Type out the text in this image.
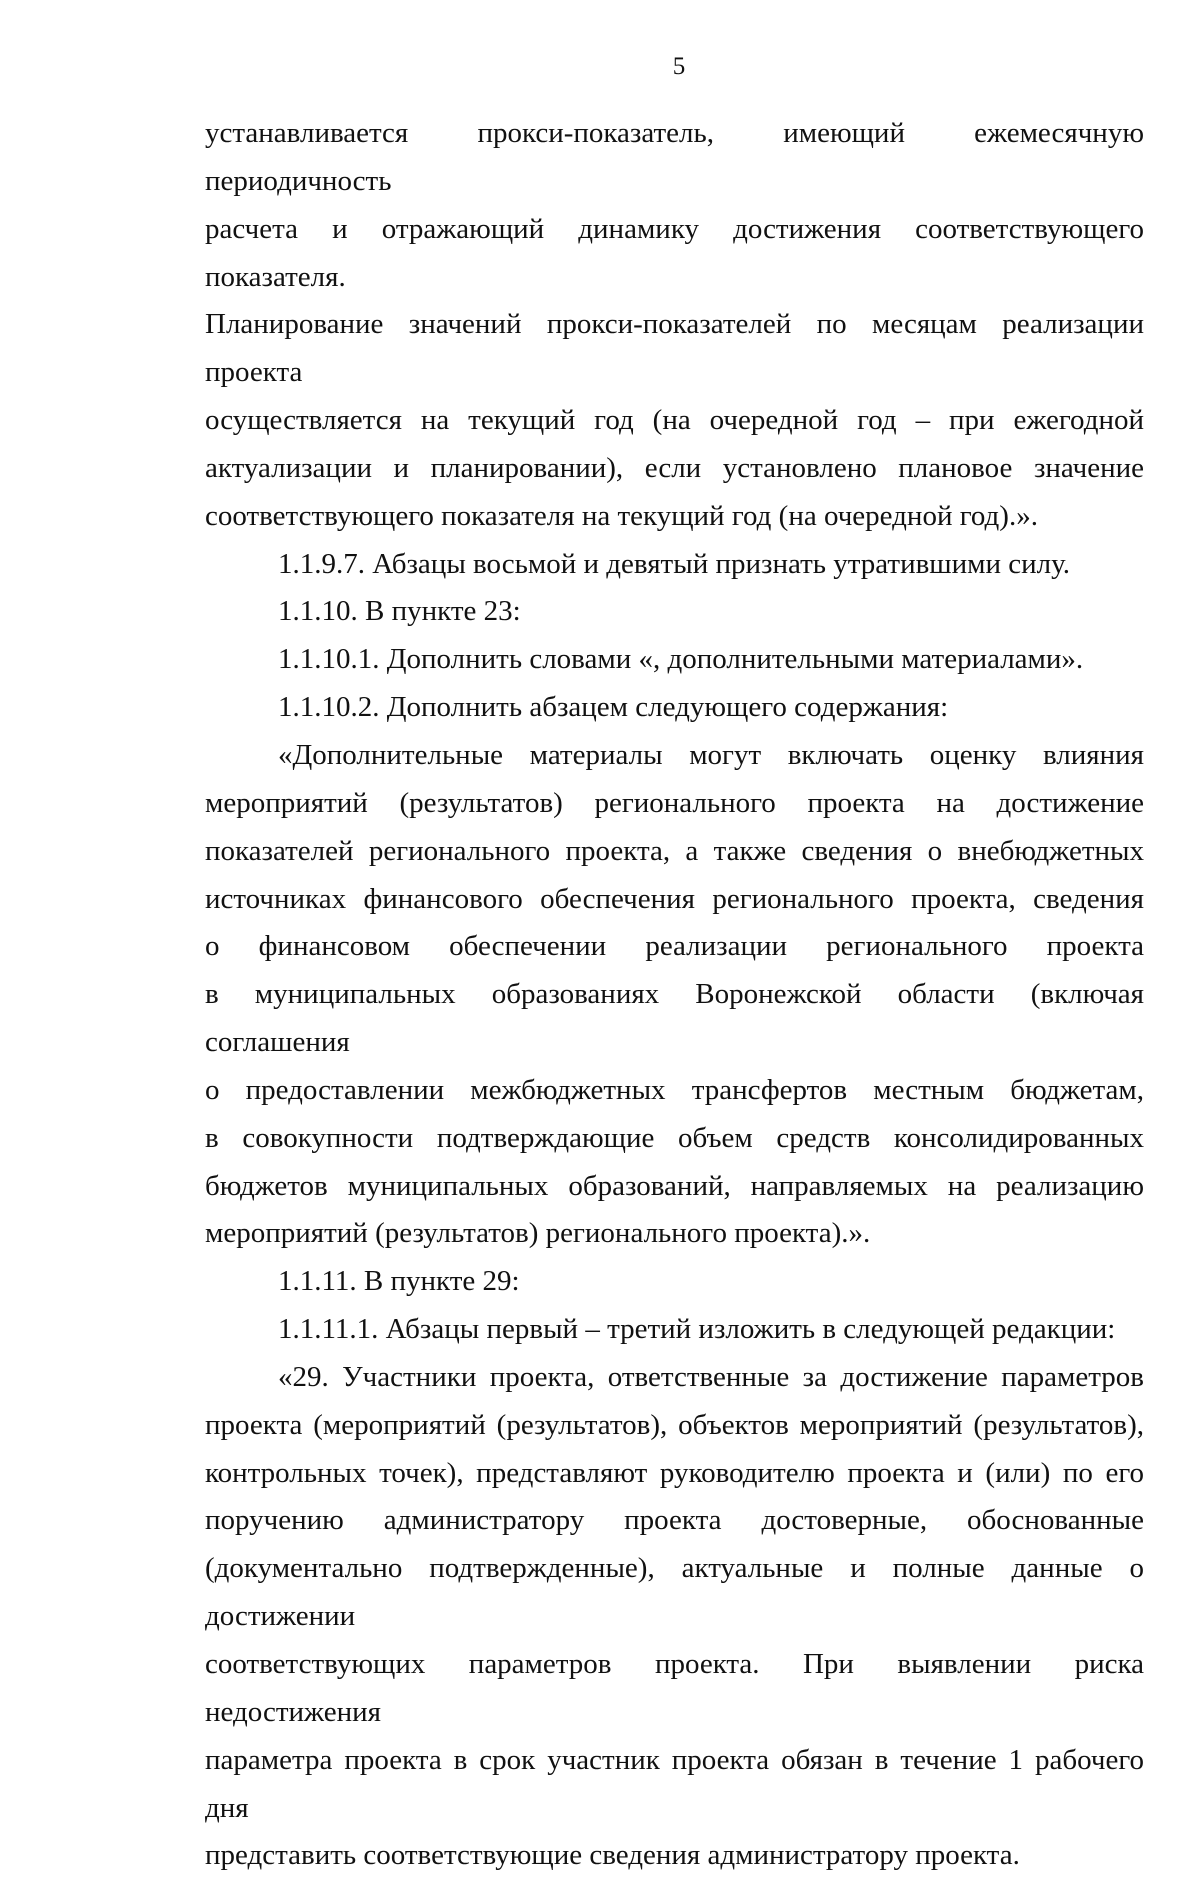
5

устанавливается прокси-показатель, имеющий ежемесячную периодичность

расчета и отражающий динамику достижения соответствующего показателя.

Планирование значений прокси-показателей по месяцам реализации проекта

осуществляется на текущий год (на очередной год – при ежегодной

актуализации и планировании), если установлено плановое значение

соответствующего показателя на текущий год (на очередной год).».

1.1.9.7. Абзацы восьмой и девятый признать утратившими силу.

1.1.10. В пункте 23:

1.1.10.1. Дополнить словами «, дополнительными материалами».

1.1.10.2. Дополнить абзацем следующего содержания:

«Дополнительные материалы могут включать оценку влияния

мероприятий (результатов) регионального проекта на достижение

показателей регионального проекта, а также сведения о внебюджетных

источниках финансового обеспечения регионального проекта, сведения

о финансовом обеспечении реализации регионального проекта

в муниципальных образованиях Воронежской области (включая соглашения

о предоставлении межбюджетных трансфертов местным бюджетам,

в совокупности подтверждающие объем средств консолидированных

бюджетов муниципальных образований, направляемых на реализацию

мероприятий (результатов) регионального проекта).».

1.1.11. В пункте 29:

1.1.11.1. Абзацы первый – третий изложить в следующей редакции:

«29. Участники проекта, ответственные за достижение параметров

проекта (мероприятий (результатов), объектов мероприятий (результатов),

контрольных точек), представляют руководителю проекта и (или) по его

поручению администратору проекта достоверные, обоснованные

(документально подтвержденные), актуальные и полные данные о достижении

соответствующих параметров проекта. При выявлении риска недостижения

параметра проекта в срок участник проекта обязан в течение 1 рабочего дня

представить соответствующие сведения администратору проекта.
